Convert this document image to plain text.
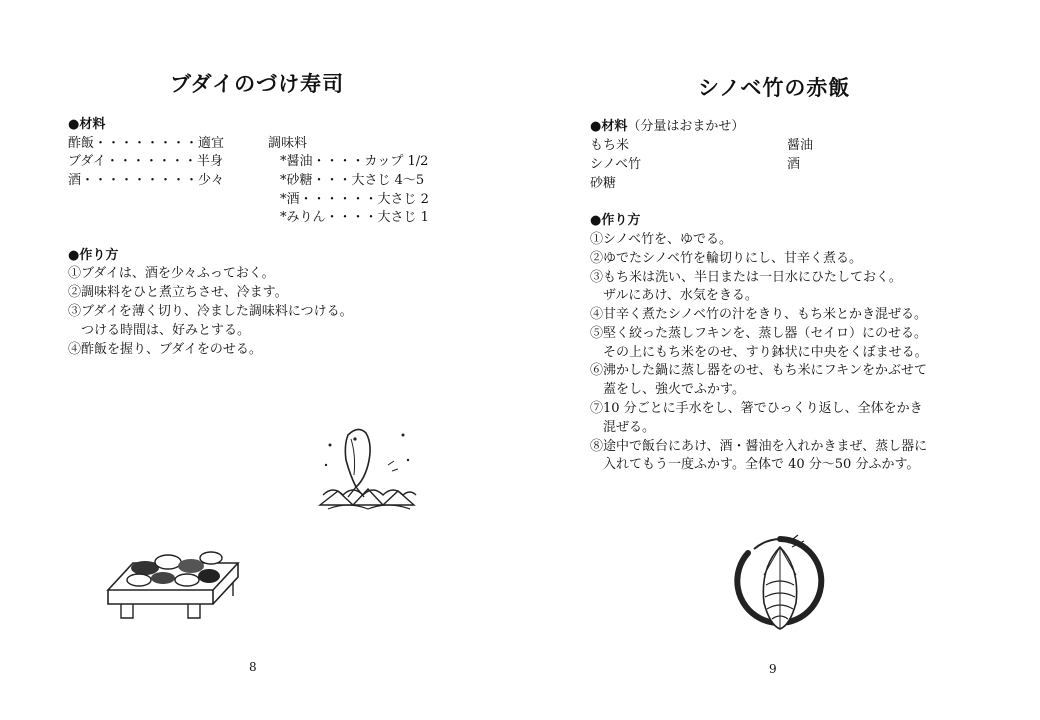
ブダイのづけ寿司
●材料
酢飯・・・・・・・・適宜
ブダイ・・・・・・・半身
酒・・・・・・・・・少々
調味料
*醤油・・・・カップ 1/2
*砂糖・・・大さじ 4～5
*酒・・・・・・大さじ 2
*みりん・・・・大さじ 1
●作り方
①ブダイは、酒を少々ふっておく。
②調味料をひと煮立ちさせ、冷ます。
③ブダイを薄く切り、冷ました調味料につける。
　つける時間は、好みとする。
④酢飯を握り、ブダイをのせる。
8
シノベ竹の赤飯
●材料（分量はおまかせ）
もち米
シノベ竹
砂糖
醤油
酒
●作り方
①シノベ竹を、ゆでる。
②ゆでたシノベ竹を輪切りにし、甘辛く煮る。
③もち米は洗い、半日または一日水にひたしておく。
　ザルにあけ、水気をきる。
④甘辛く煮たシノベ竹の汁をきり、もち米とかき混ぜる。
⑤堅く絞った蒸しフキンを、蒸し器（セイロ）にのせる。
　その上にもち米をのせ、すり鉢状に中央をくぼませる。
⑥沸かした鍋に蒸し器をのせ、もち米にフキンをかぶせて
　蓋をし、強火でふかす。
⑦10 分ごとに手水をし、箸でひっくり返し、全体をかき
　混ぜる。
⑧途中で飯台にあけ、酒・醤油を入れかきまぜ、蒸し器に
　入れてもう一度ふかす。全体で 40 分～50 分ふかす。
9
